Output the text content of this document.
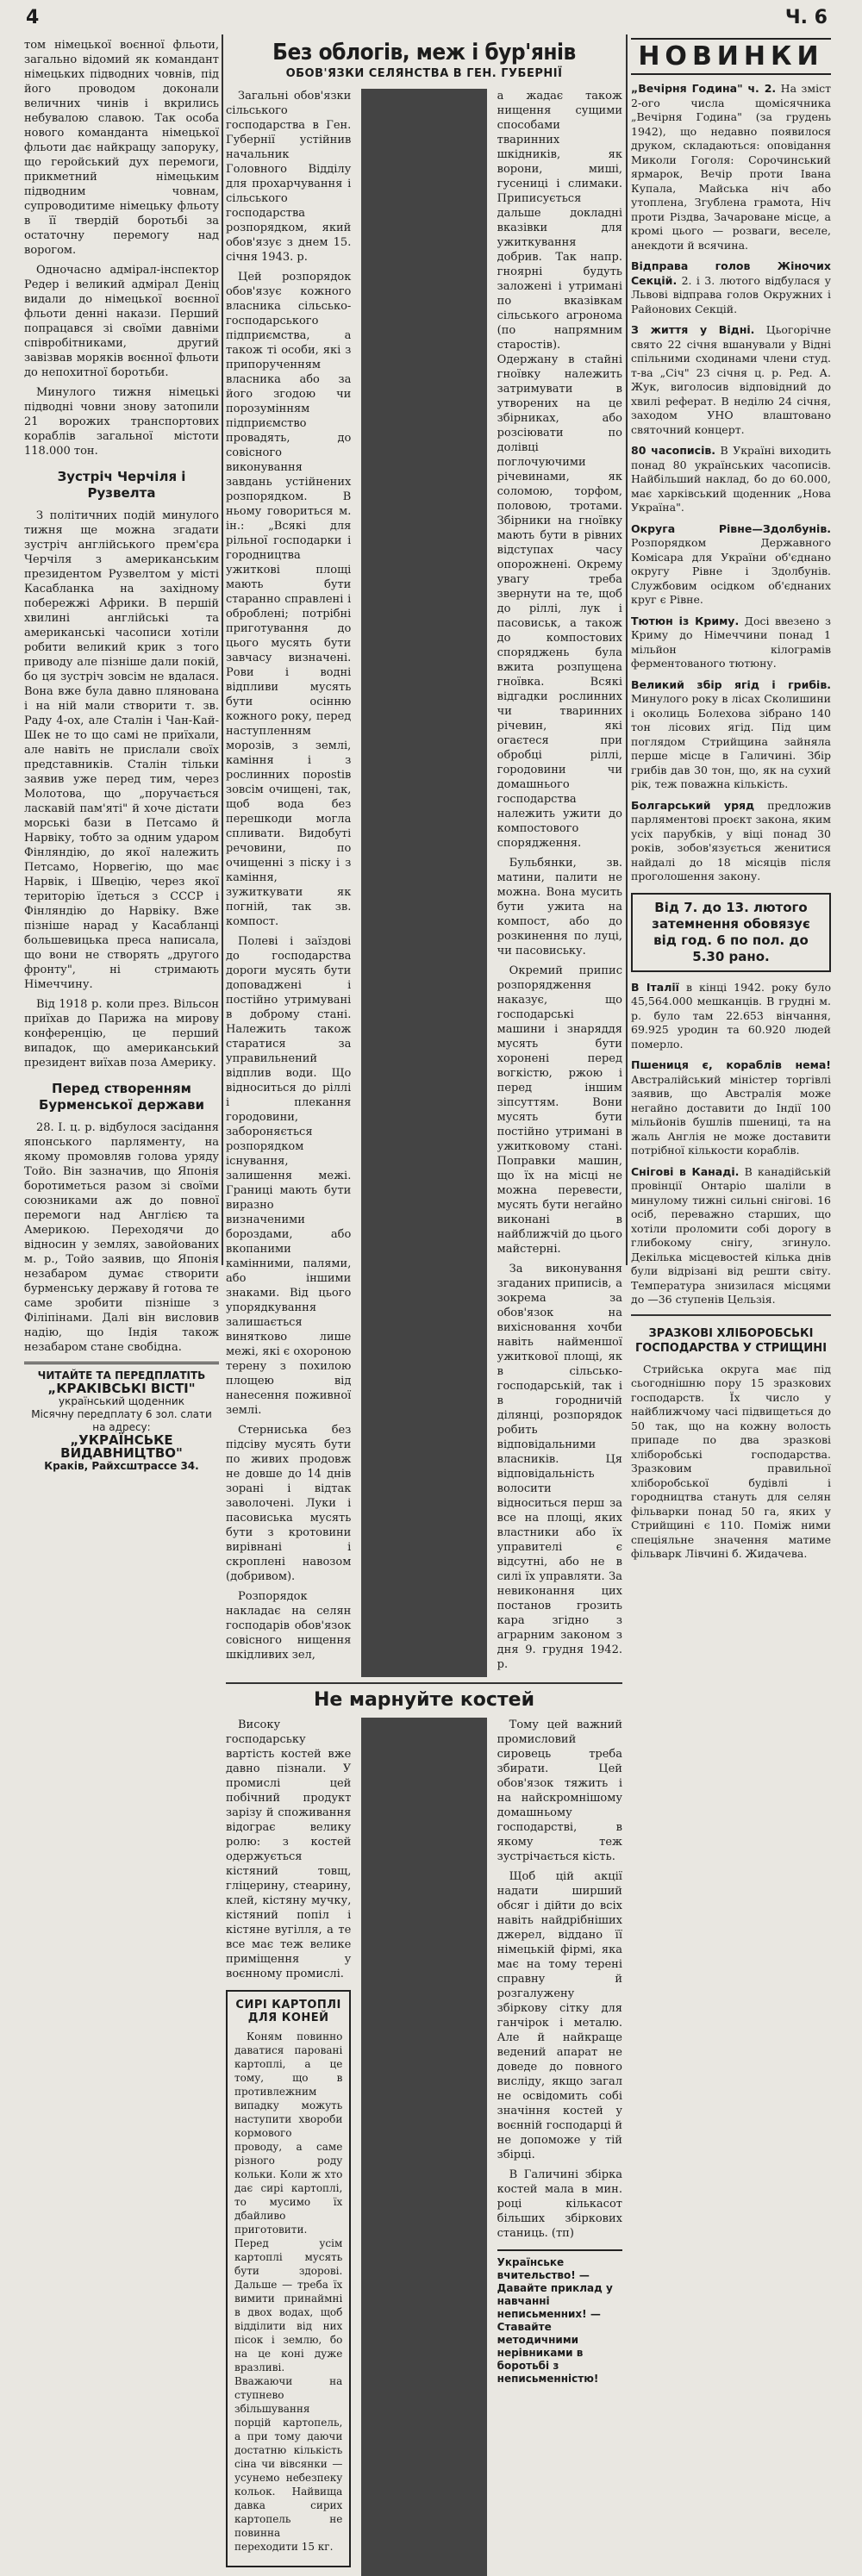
4	Ч. 6

том німецької воєнної фльоти, загально відомий як командант німецьких підводних човнів, під його проводом доконали величних чинів і вкрились небувалою славою. Так особа нового команданта німецької фльоти дає найкращу запоруку, що геройський дух перемоги, прикметний німецьким підводним човнам, супроводитиме німецьку фльоту в її твердій боротьбі за остаточну перемогу над ворогом.

Одночасно адмірал-інспектор Редер і великий адмірал Деніц видали до німецької воєнної фльоти денні накази. Перший попрацався зі своїми давніми співробітниками, другий завізвав моряків воєнної фльоти до непохитної боротьби.

Минулого тижня німецькі підводні човни знову затопили 21 ворожих транспортових кораблів загальної містоти 118.000 тон.

Зустріч Черчіля і Рузвелта

З політичних подій минулого тижня ще можна згадати зустріч англійського прем'єра Черчіля з американським президентом Рузвелтом у місті Касабланка на західному побережжі Африки. В першій хвилині англійські та американські часописи хотіли робити великий крик з того приводу але пізніше дали покій, бо ця зустріч зовсім не вдалася. Вона вже була давно плянована і на ній мали створити т. зв. Раду 4-ох, але Сталін і Чан-Кай-Шек не то що самі не приїхали, але навіть не прислали своїх представників. Сталін тільки заявив уже перед тим, через Молотова, що „поручається ласкавій пам'яті" й хоче дістати морські бази в Петсамо й Нарвіку, тобто за одним ударом Фінляндію, до якої належить Петсамо, Норвегію, що має Нарвік, і Швецію, через якої територію їдеться з СССР і Фінляндію до Нарвіку. Вже пізніше нарад у Касабланці большевицька преса написала, що вони не створять „другого фронту", ні стримають Німеччину.

Від 1918 р. коли през. Вільсон приїхав до Парижа на мирову конференцію, це перший випадок, що американський президент виїхав поза Америку.

Перед створенням Бурменської держави

28. I. ц. р. відбулося засідання японського парляменту, на якому промовляв голова уряду Тойо. Він зазначив, що Японія боротиметься разом зі своїми союзниками аж до повної перемоги над Англією та Америкою. Переходячи до відносин у землях, завойованих м. р., Тойо заявив, що Японія незабаром думає створити бурменську державу й готова те саме зробити пізніше з Філіпінами. Далі він висловив надію, що Індія також незабаром стане свобідна.

ЧИТАЙТЕ ТА ПЕРЕДПЛАТІТЬ
„КРАКІВСЬКІ ВІСТІ"
український щоденник
Місячну передплату 6 зол. слати на адресу:
„УКРАЇНСЬКЕ ВИДАВНИЦТВО"
Краків, Райхсштрассе 34.
Без облогів, меж і бур'янів
ОБОВ'ЯЗКИ СЕЛЯНСТВА В ГЕН. ГУБЕРНІЇ

Загальні обов'язки сільського господарства в Ген. Губернії устійнив начальник Головного Відділу для прохарчування і сільського господарства розпорядком, який обов'язує з днем 15. січня 1943. р.

Цей розпорядок обов'язує кожного власника сільсько-господарського підприємства, а також ті особи, які з припорученням власника або за його згодою чи порозумінням підприємство провадять, до совісного виконування завдань устійнених розпорядком. В ньому говориться м. ін.: „Всякі для рільної господарки і городництва ужиткові площі мають бути старанно справлені і оброблені; потрібні приготування до цього мусять бути завчасу визначені. Рови і водні відпливи мусять бути осінню кожного року, перед наступленням морозів, з землі, каміння і з рослинних порostів зовсім очищені, так, щоб вода без перешкоди могла спливати. Видобуті речовини, по очищенні з піску і з каміння, зужиткувати як погній, так зв. компост.

Полеві і заїздові до господарства дороги мусять бути доповаджені і постійно утримувані в доброму стані. Належить також старатися за управильнений відплив води. Що відноситься до ріллі і плекання городовини, забороняється розпорядком існування, залишення межі. Границі мають бути виразно визначеними бороздами, або вкопаними камінними, палями, або іншими знаками. Від цього упорядкування залишається винятково лише межі, які є охороною терену з похилою площею від нанесення поживної землі.

Стерниська без підсіву мусять бути по живих продовж не довше до 14 днів зорані і відтак заволочені. Луки і пасовиська мусять бути з кротовини вирівнані і скроплені навозом (добривом).

Розпорядок накладає на селян господарів обов'язок совісного нищення шкідливих зел,

а жадає також нищення сущими способами тваринних шкідників, як ворони, миші, гусениці і слимаки. Приписується дальше докладні вказівки для ужиткування добрив. Так напр. гноярні будуть заложені і утримані по вказівкам сільського агронома (по напрямним старостів). Одержану в стайні гноївку належить затримувати в утворених на це збірниках, або розсіювати по долівці поглочуючими річевинами, як соломою, торфом, половою, тротами. Збірники на гноївку мають бути в рівних відступах часу опорожнені. Окрему увагу треба звернути на те, щоб до ріллі, лук і пасовиськ, а також до компостових споряджень була вжита розпущена гноївка. Всякі відгадки рослинних чи тваринних річевин, які огаєтеся при обробці ріллі, городовини чи домашнього господарства належить ужити до компостового спорядження.

Бульбянки, зв. матини, палити не можна. Вона мусить бути ужита на компост, або до розкинення по луці, чи пасовиську.

Окремий припис розпорядження наказує, що господарські машини і знаряддя мусять бути хоронені перед вогкістю, ржою і перед іншим зіпсуттям. Вони мусять бути постійно утримані в ужитковому стані. Поправки машин, що їх на місці не можна перевести, мусять бути негайно виконані в найближчій до цього майстерні.

За виконування згаданих приписів, а зокрема за обов'язок на вихісновання хочби навіть найменшої ужиткової площі, як в сільсько-господарській, так і в городничій ділянці, розпорядок робить відповідальними власників. Ця відповідальність волосити відноситься перш за все на площі, яких властники або їх управителі є відсутні, або не в силі їх управляти. За невиконання цих постанов грозить кара згідно з аграрним законом з дня 9. грудня 1942. р.

Не марнуйте костей

Високу господарську вартість костей вже давно пізнали. У промислі цей побічний продукт зарізу й споживання відограє велику ролю: з костей одержується кістяний товщ, гліцерину, стеарину, клей, кістяну мучку, кістяний попіл і кістяне вугілля, а те все має теж велике приміщення у воєнному промислі.

СИРІ КАРТОПЛІ ДЛЯ КОНЕЙ

Коням повинно даватися парованi картоплі, а це тому, що в противлежним випадку можуть наступити хвороби кормового проводу, а саме різного роду кольки. Коли ж хто дає сирі картоплі, то мусимо їх дбайливо приготовити. Перед усім картоплі мусять бути здорові. Дальше — треба їх вимити принаймні в двох водах, щоб відділити від них пісок і землю, бо на це коні дуже вразливі. Вважаючи на ступнево збільшування порцій картопель, а при тому даючи достатню кількість сіна чи вівсянки — усунемо небезпеку кольок. Найвища давка сирих картопель не повинна переходити 15 кг.

Тому цей важний промисловий сировець треба збирати. Цей обов'язок тяжить і на найскромнішому домашньому господарстві, в якому теж зустрічається кість.

Щоб цій акції надати ширший обсяг і дійти до всіх навіть найдрібніших джерел, віддано її німецькій фірмі, яка має на тому терені справну й розгалужену збіркову сітку для ганчірок і металю. Але й найкраще ведений апарат не доведе до повного висліду, якщо загал не освідомить собі значіння костей у воєнній господарці й не допоможе у тій збірці.

В Галичині збірка костей мала в мин. році кількасот більших збіркових станиць. (тп)

Українське вчительство! — Давайте приклад у навчанні неписьменних! — Ставайте методичними нерівниками в боротьбі з неписьменністю!
НОВИНКИ
„Вечірня Година" ч. 2. На зміст 2-ого числа щомісячника „Вечірня Година" (за грудень 1942), що недавно появилося друком, складаються: оповідання Миколи Гоголя: Сорочинський ярмарок, Вечір проти Івана Купала, Майська ніч або утоплена, Згублена грамота, Ніч проти Різдва, Зачароване місце, а кромі цього — розваги, веселе, анекдоти й всячина.
Відправа голов Жіночих Секцій. 2. і 3. лютого відбулася у Львові відправа голов Окружних і Районових Секцій.
З життя у Відні. Цьогорічне свято 22 січня вшанували у Відні спільними сходинами члени студ. т-ва „Січ" 23 січня ц. р. Ред. А. Жук, виголосив відповідний до хвилі реферат. В неділю 24 січня, заходом УНО влаштовано святочний концерт.
80 часописів. В Україні виходить понад 80 українських часописів. Найбільший наклад, бо до 60.000, має харківський щоденник „Нова Україна".
Округа Рівне—Здолбунів. Розпорядком Державного Комісара для України об'єднано округу Рівне і Здолбунів. Службовим осідком об'єднаних круг є Рівне.
Тютюн із Криму. Досі ввезено з Криму до Німеччини понад 1 мільйон кілограмів ферментованого тютюну.
Великий збір ягід і грибів. Минулого року в лісах Сколишини і околиць Болехова зібрано 140 тон лісових ягід. Під цим поглядом Стрийщина зайняла перше місце в Галичині. Збір грибів дав 30 тон, що, як на сухий рік, теж поважна кількість.
Болгарський уряд предложив парляментові проєкт закона, яким усіх парубків, у віці понад 30 років, зобов'язується женитися найдалі до 18 місяців після проголошення закону.
Від 7. до 13. лютого
затемнення обовязує
від год. 6 по пол. до 5.30 рано.
В Італії в кінці 1942. року було 45,564.000 мешканців. В грудні м. р. було там 22.653 вінчання, 69.925 уродин та 60.920 людей померло.
Пшениця є, кораблів нема! Австралійський міністер торгівлі заявив, що Австралія може негайно доставити до Індії 100 мільйонів бушлів пшениці, та на жаль Англія не може доставити потрібної кількости кораблів.
Снігові в Канаді. В канадійській провінції Онтаріо шаліли в минулому тижні сильні снігові. 16 осіб, переважно старших, що хотіли проломити собі дорогу в глибокому снігу, згинуло. Декілька місцевостей кілька днів були відрізані від решти світу. Температура знизилася місцями до —36 ступенів Цельзія.
ЗРАЗКОВІ ХЛІБОРОБСЬКІ ГОСПОДАРСТВА У СТРИЩИНІ

Стрийська округа має під сьогоднішню пору 15 зразкових господарств. Їх число у найближчому часі підвищеться до 50 так, що на кожну волость припаде по два зразкові хліборобські господарства. Зразковим правильної хліборобської будівлі і городництва стануть для селян фільварки понад 50 га, яких у Стрийщині є 110. Поміж ними спеціяльне значення матиме фільварк Лівчині б. Жидачева.
